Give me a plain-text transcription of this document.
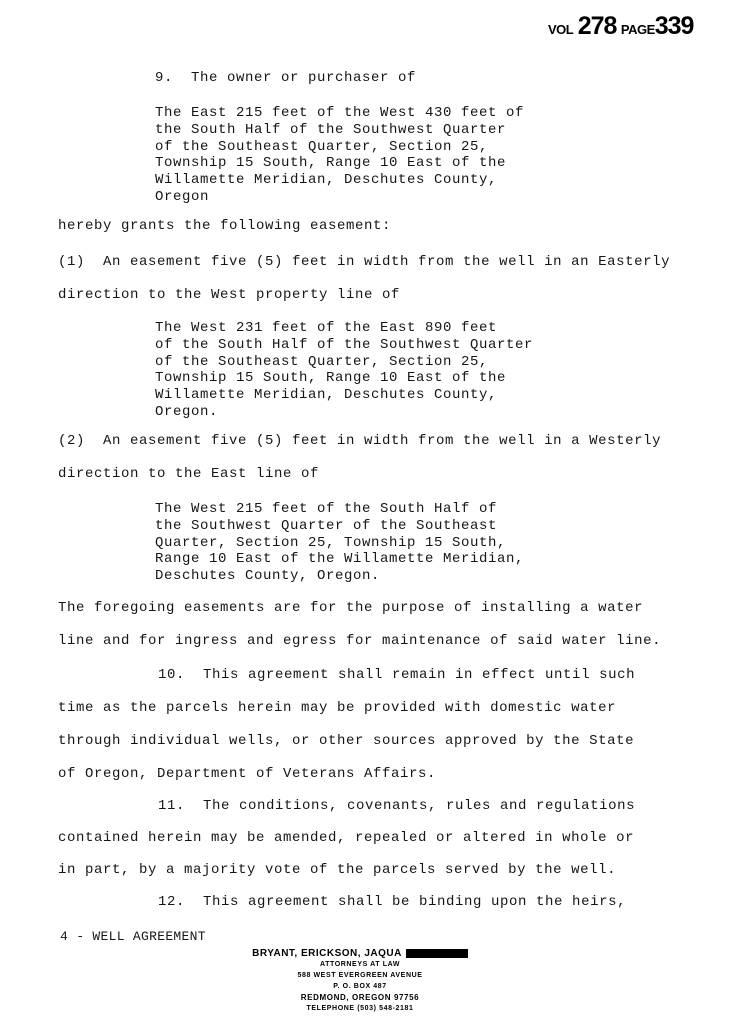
VOL 278 PAGE339
9.  The owner or purchaser of
The East 215 feet of the West 430 feet of
the South Half of the Southwest Quarter
of the Southeast Quarter, Section 25,
Township 15 South, Range 10 East of the
Willamette Meridian, Deschutes County,
Oregon
hereby grants the following easement:
(1)  An easement five (5) feet in width from the well in an Easterly
direction to the West property line of
The West 231 feet of the East 890 feet
of the South Half of the Southwest Quarter
of the Southeast Quarter, Section 25,
Township 15 South, Range 10 East of the
Willamette Meridian, Deschutes County,
Oregon.
(2)  An easement five (5) feet in width from the well in a Westerly
direction to the East line of
The West 215 feet of the South Half of
the Southwest Quarter of the Southeast
Quarter, Section 25, Township 15 South,
Range 10 East of the Willamette Meridian,
Deschutes County, Oregon.
The foregoing easements are for the purpose of installing a water
line and for ingress and egress for maintenance of said water line.
10.  This agreement shall remain in effect until such
time as the parcels herein may be provided with domestic water
through individual wells, or other sources approved by the State
of Oregon, Department of Veterans Affairs.
11.  The conditions, covenants, rules and regulations
contained herein may be amended, repealed or altered in whole or
in part, by a majority vote of the parcels served by the well.
12.  This agreement shall be binding upon the heirs,
4 - WELL AGREEMENT
BRYANT, ERICKSON, JAQUA
ATTORNEYS AT LAW
588 WEST EVERGREEN AVENUE
P. O. BOX 487
REDMOND, OREGON 97756
TELEPHONE (503) 548-2181
